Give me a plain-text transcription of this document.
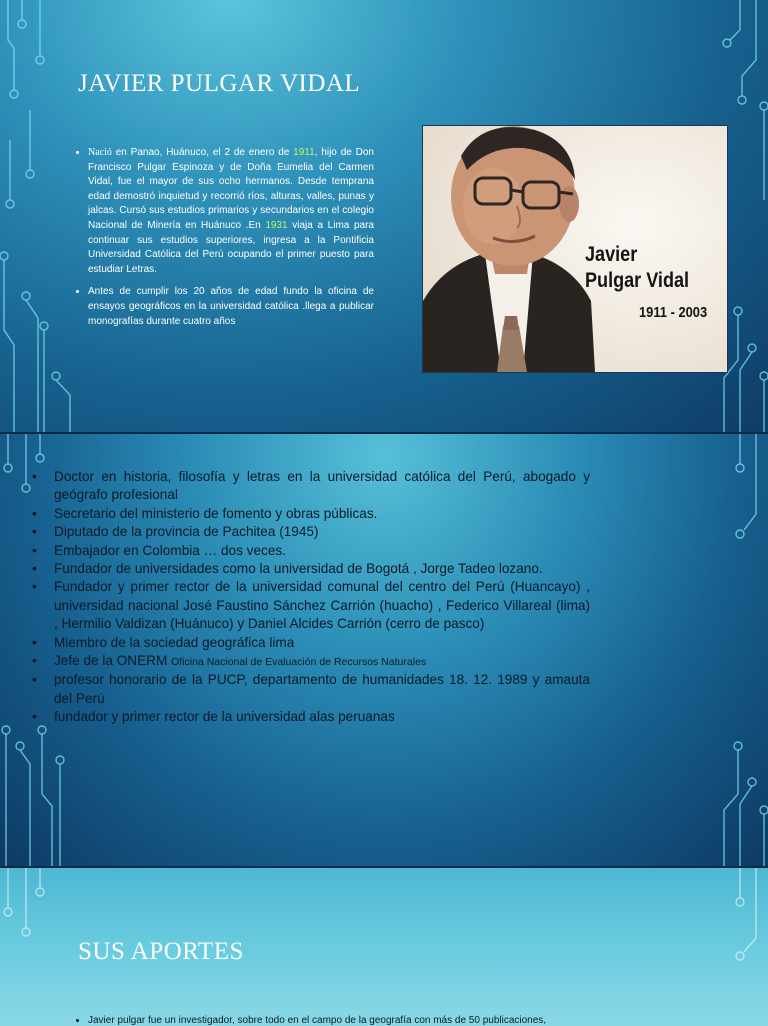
JAVIER PULGAR VIDAL
• Nació en Panao, Huánuco, el 2 de enero de 1911, hijo de Don Francisco Pulgar Espinoza y de Doña Eumelia del Carmen Vidal, fue el mayor de sus ocho hermanos. Desde temprana edad demostró inquietud y recorrió ríos, alturas, valles, punas y jalcas. Cursó sus estudios primarios y secundarios en el colegio Nacional de Minería en Huánuco .En 1931 viaja a Lima para continuar sus estudios superiores, ingresa a la Pontificia Universidad Católica del Perú ocupando el primer puesto para estudiar Letras.
• Antes de cumplir los 20 años de edad fundo la oficina de ensayos geográficos en la universidad católica .llega a publicar monografías durante cuatro años

Javier
Pulgar Vidal

1911 - 2003

• Doctor en historia, filosofía y letras en la universidad católica del Perú, abogado y geógrafo profesional
• Secretario del ministerio de fomento y obras públicas.
• Diputado de la provincia de Pachitea (1945)
• Embajador en Colombia … dos veces.
• Fundador de universidades como la universidad de Bogotá , Jorge Tadeo lozano.
• Fundador y primer rector de la universidad comunal del centro del Perú (Huancayo) , universidad nacional José Faustino Sánchez Carrión (huacho) , Federico Villareal (lima) , Hermilio Valdizan (Huánuco) y Daniel Alcides Carrión (cerro de pasco)
• Miembro de la sociedad geográfica lima
• Jefe de la ONERM Oficina Nacional de Evaluación de Recursos Naturales
• profesor honorario de la PUCP, departamento de humanidades 18. 12. 1989 y amauta del Perú
• fundador y primer rector de la universidad alas peruanas
SUS APORTES
• Javier pulgar fue un investigador, sobre todo en el campo de la geografía con más de 50 publicaciones,
